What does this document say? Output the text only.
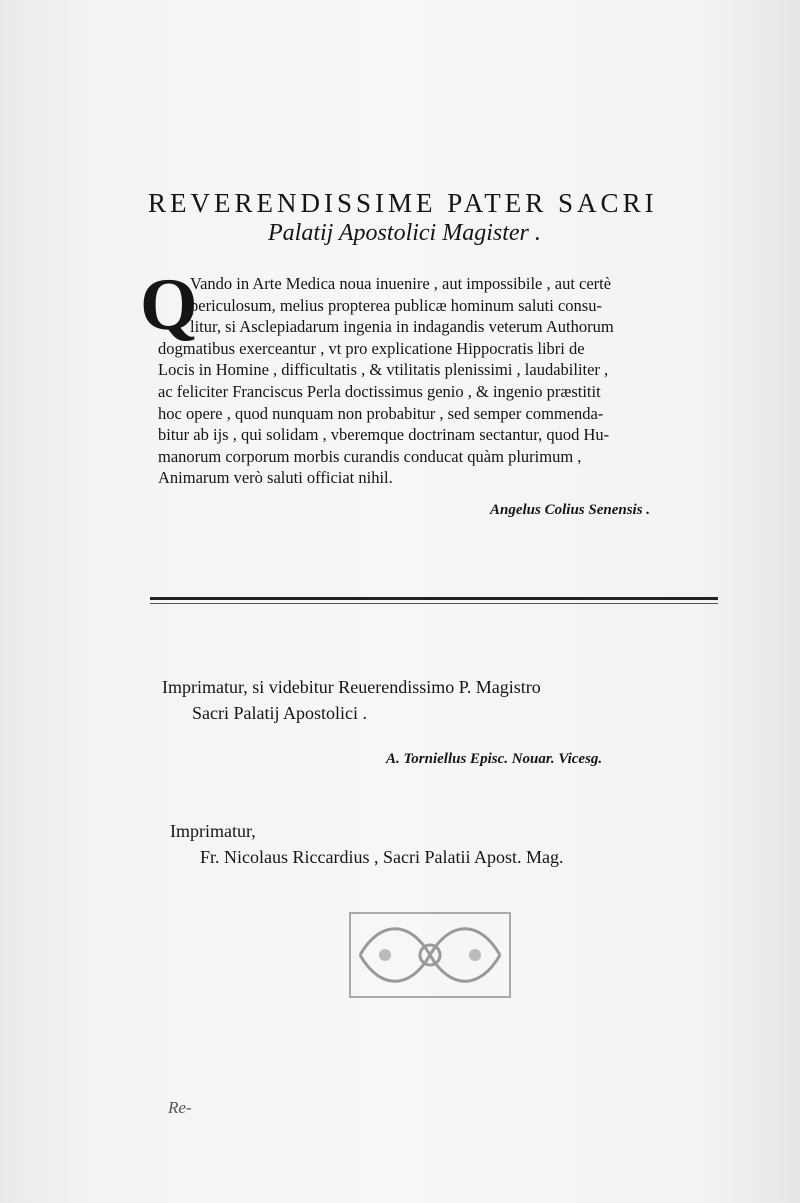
REVERENDISSIME PATER SACRI
Palatij Apostolici Magister .
Q
Vando in Arte Medica noua inuenire , aut impossibile , aut certè
periculosum, melius propterea publicæ hominum saluti consu-
litur, si Asclepiadarum ingenia in indagandis veterum Authorum
dogmatibus exerceantur , vt pro explicatione Hippocratis libri de
Locis in Homine , difficultatis , & vtilitatis plenissimi , laudabiliter ,
ac feliciter Franciscus Perla doctissimus genio , & ingenio præstitit
hoc opere , quod nunquam non probabitur , sed semper commenda-
bitur ab ijs , qui solidam , vberemque doctrinam sectantur, quod Hu-
manorum corporum morbis curandis conducat quàm plurimum ,
Animarum verò saluti officiat nihil.
Angelus Colius Senensis .
Imprimatur, si videbitur Reuerendissimo P. Magistro
Sacri Palatij Apostolici .
A. Torniellus Episc. Nouar. Vicesg.
Imprimatur,
Fr. Nicolaus Riccardius , Sacri Palatii Apost. Mag.
Re-
